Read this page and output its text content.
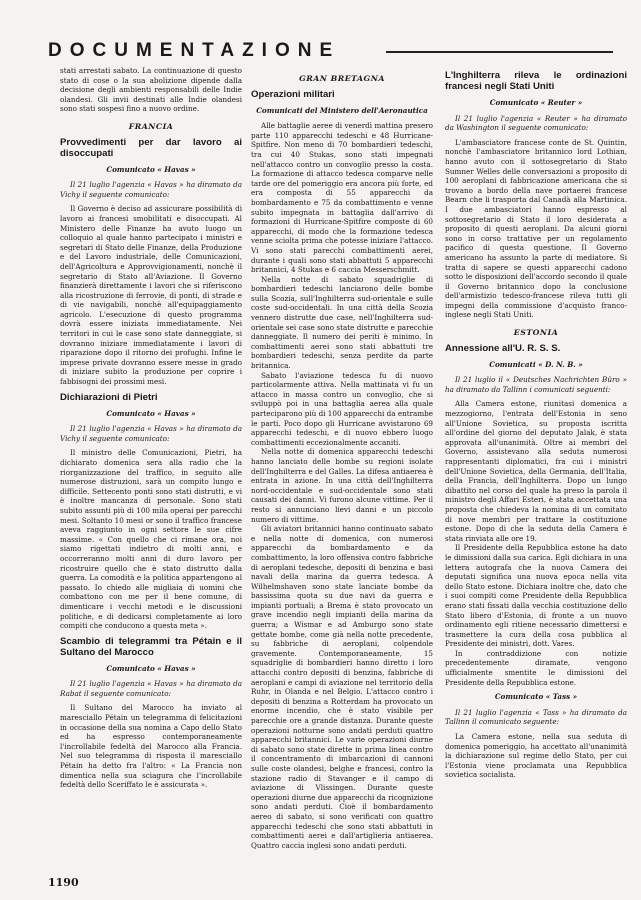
DOCUMENTAZIONE

stati arrestati sabato. La continuazione di questo stato di cose o la sua abolizione dipende dalla decisione degli ambienti responsabili delle Indie olandesi. Gli invii destinati alle Indie olandesi sono stati sospesi fino a nuovo ordine.

FRANCIA
Provvedimenti per dar lavoro ai disoccupati
Comunicato « Havas »
Il 21 luglio l'agenzia « Havas » ha diramato da Vichy il seguente comunicato:

Il Governo è deciso ad assicurare possibilità di lavoro ai francesi smobilitati e disoccupati. Al Ministero delle Finanze ha avuto luogo un colloquio al quale hanno partecipato i ministri e segretari di Stato delle Finanze, della Produzione e del Lavoro industriale, delle Comunicazioni, dell'Agricoltura e Approvvigionamenti, nonchè il segretario di Stato all'Aviazione. Il Governo finanzierà direttamente i lavori che si riferiscono alla ricostruzione di ferrovie, di ponti, di strade e di vie navigabili, nonchè all'equipaggiamento agricolo. L'esecuzione di questo programma dovrà essere iniziata immediatamente. Nei territori in cui le case sono state danneggiate, si dovranno iniziare immediatamente i lavori di riparazione dopo il ritorno dei profughi. Infine le imprese private dovranno essere messe in grado di iniziare subito la produzione per coprire i fabbisogni dei prossimi mesi.

Dichiarazioni di Pietri
Comunicato « Havas »
Il 21 luglio l'agenzia « Havas » ha diramato da Vichy il seguente comunicato:

Il ministro delle Comunicazioni, Pietri, ha dichiarato domenica sera alla radio che la riorganizzazione del traffico, in seguito alle numerose distruzioni, sarà un compito lungo e difficile. Settecento ponti sono stati distrutti, e vi è inoltre mancanza di personale. Sono stati subito assunti più di 100 mila operai per parecchi mesi. Soltanto 10 mesi or sono il traffico francese aveva raggiunto in ogni settore le sue cifre massime. « Con quello che ci rimane ora, noi siamo rigettati indietro di molti anni, e occorreranno molti anni di duro lavoro per ricostruire quello che è stato distrutto dalla guerra. La comodità e la politica appartengono al passato. Io chiedo alle migliaia di uomini che combattono con me per il bene comune, di dimenticare i vecchi metodi e le discussioni politiche, e di dedicarsi completamente ai loro compiti che conducono a questa meta ».

Scambio di telegrammi tra Pétain e il Sultano del Marocco
Comunicato « Havas »
Il 21 luglio l'agenzia « Havas » ha diramato da Rabat il seguente comunicato:

Il Sultano del Marocco ha inviato al maresciallo Pétain un telegramma di felicitazioni in occasione della sua nomina a Capo dello Stato ed ha espresso contemporaneamente l'incrollabile fedeltà del Marocco alla Francia. Nel suo telegramma di risposta il maresciallo Pétain ha detto fra l'altro: « La Francia non dimentica nella sua sciagura che l'incrollabile fedeltà dello Sceriffato le è assicurata ».

GRAN BRETAGNA
Operazioni militari
Comunicati del Ministero dell'Aeronautica

Alle battaglie aeree di venerdì mattina presero parte 110 apparecchi tedeschi e 48 Hurricane-Spitfire. Non meno di 70 bombardieri tedeschi, tra cui 40 Stukas, sono stati impegnati nell'attacco contro un convoglio presso la costa. La formazione di attacco tedesca comparve nelle tarde ore del pomeriggio era ancora più forte, ed era composta di 55 apparecchi da bombardamento e 75 da combattimento e venne subito impegnata in battaglia dall'arrivo di formazioni di Hurricane-Spitfire composte di 60 apparecchi, di modo che la formazione tedesca venne sciolta prima che potesse iniziare l'attacco. Vi sono stati parecchi combattimenti aerei, durante i quali sono stati abbattuti 5 apparecchi britannici, 4 Stukas e 6 caccia Messerschmitt.

Nella notte di sabato squadriglie di bombardieri tedeschi lanciarono delle bombe sulla Scozia, sull'Inghilterra sud-orientale e sulle coste sud-occidentali. In una città della Scozia vennero distrutte due case, nell'Inghilterra sud-orientale sei case sono state distrutte e parecchie danneggiate. Il numero dei periti è minimo. In combattimenti aerei sono stati abbattuti tre bombardieri tedeschi, senza perdite da parte britannica.

Sabato l'aviazione tedesca fu di nuovo particolarmente attiva. Nella mattinata vi fu un attacco in massa contro un convoglio, che si sviluppò poi in una battaglia aerea alla quale parteciparono più di 100 apparecchi da entrambe le parti. Poco dopo gli Hurricane avvistarono 69 apparecchi tedeschi, e di nuovo ebbero luogo combattimenti eccezionalmente accaniti.

Nella notte di domenica apparecchi tedeschi hanno lanciato delle bombe su regioni isolate dell'Inghilterra e del Galles. La difesa antiaerea è entrata in azione. In una città dell'Inghilterra nord-occidentale e sud-occidentale sono stati causati dei danni. Vi furono alcune vittime. Per il resto si annunciano lievi danni e un piccolo numero di vittime.

Gli aviatori britannici hanno continuato sabato e nella notte di domenica, con numerosi apparecchi da bombardamento e da combattimento, la loro offensiva contro fabbriche di aeroplani tedesche, depositi di benzina e basi navali della marina da guerra tedesca. A Wilhelmshaven sono state lanciate bombe da bassissima quota su due navi da guerra e impianti portuali; a Brema è stato provocato un grave incendio negli impianti della marina da guerra; a Wismar e ad Amburgo sono state gettate bombe, come già nella notte precedente, su fabbriche di aeroplani, colpendole gravemente. Contemporaneamente, 15 squadriglie di bombardieri hanno diretto i loro attacchi contro depositi di benzina, fabbriche di aeroplani e campi di aviazione nel territorio della Ruhr, in Olanda e nel Belgio. L'attacco contro i depositi di benzina a Rotterdam ha provocato un enorme incendio, che è stato visibile per parecchie ore a grande distanza. Durante queste operazioni notturne sono andati perduti quattro apparecchi britannici. Le varie operazioni diurne di sabato sono state dirette in prima linea contro il concentramento di imbarcazioni di cannoni sulle coste olandesi, belghe e francesi, contro la stazione radio di Stavanger e il campo di aviazione di Vlissingen. Durante queste operazioni diurne due apparecchi da ricognizione sono andati perduti. Cioè il bombardamento aereo di sabato, si sono verificati con quattro apparecchi tedeschi che sono stati abbattuti in combattimenti aerei e dall'artiglieria antiaerea. Quattro caccia inglesi sono andati perduti.

L'Inghilterra rileva le ordinazioni francesi negli Stati Uniti
Comunicato « Reuter »
Il 21 luglio l'agenzia « Reuter » ha diramato da Washington il seguente comunicato:

L'ambasciatore francese conte de St. Quintin, nonchè l'ambasciatore britannico lord Lothian, hanno avuto con il sottosegretario di Stato Sumner Welles delle conversazioni a proposito di 100 aeroplani di fabbricazione americana che si trovano a bordo della nave portaerei francese Bearn che li trasporta dal Canadà alla Martinica. I due ambasciatori hanno espresso al sottosegretario di Stato il loro desiderata a proposito di questi aeroplani. Da alcuni giorni sono in corso trattative per un regolamento pacifico di questa questione. Il Governo americano ha assunto la parte di mediatore. Si tratta di sapere se questi apparecchi cadono sotto le disposizioni dell'accordo secondo il quale il Governo britannico dopo la conclusione dell'armistizio tedesco-francese rileva tutti gli impegni della commissione d'acquisto franco-inglese negli Stati Uniti.

ESTONIA
Annessione all'U. R. S. S.
Comunicati « D. N. B. »
Il 21 luglio il « Deutsches Nachrichten Büro » ha diramato da Tallinn i comunicati seguenti:

Alla Camera estone, riunitasi domenica a mezzogiorno, l'entrata dell'Estonia in seno all'Unione Sovietica, su proposta iscritta all'ordine del giorno del deputato Jalak, è stata approvata all'unanimità. Oltre ai membri del Governo, assistevano alla seduta numerosi rappresentanti diplomatici, fra cui i ministri dell'Unione Sovietica, della Germania, dell'Italia, della Francia, dell'Inghilterra. Dopo un lungo dibattito nel corso del quale ha preso la parola il ministro degli Affari Esteri, è stata accettata una proposta che chiedeva la nomina di un comitato di nove membri per trattare la costituzione estone. Dopo di che la seduta della Camera è stata rinviata alle ore 19.

Il Presidente della Repubblica estone ha dato le dimissioni dalla sua carica. Egli dichiara in una lettera autografa che la nuova Camera dei deputati significa una nuova epoca nella vita dello Stato estone. Dichiara inoltre che, dato che i suoi compiti come Presidente della Repubblica erano stati fissati dalla vecchia costituzione dello Stato libero d'Estonia, di fronte a un nuovo ordinamento egli ritiene necessario dimettersi e trasmettere la cura della cosa pubblica al Presidente dei ministri, dott. Vares.

In contraddizione con notizie precedentemente diramate, vengono ufficialmente smentite le dimissioni del Presidente della Repubblica estone.

Comunicato « Tass »
Il 21 luglio l'agenzia « Tass » ha diramato da Tallinn il comunicato seguente:

La Camera estone, nella sua seduta di domenica pomeriggio, ha accettato all'unanimità la dichiarazione sul regime dello Stato, per cui l'Estonia viene proclamata una Repubblica sovietica socialista.

1190
